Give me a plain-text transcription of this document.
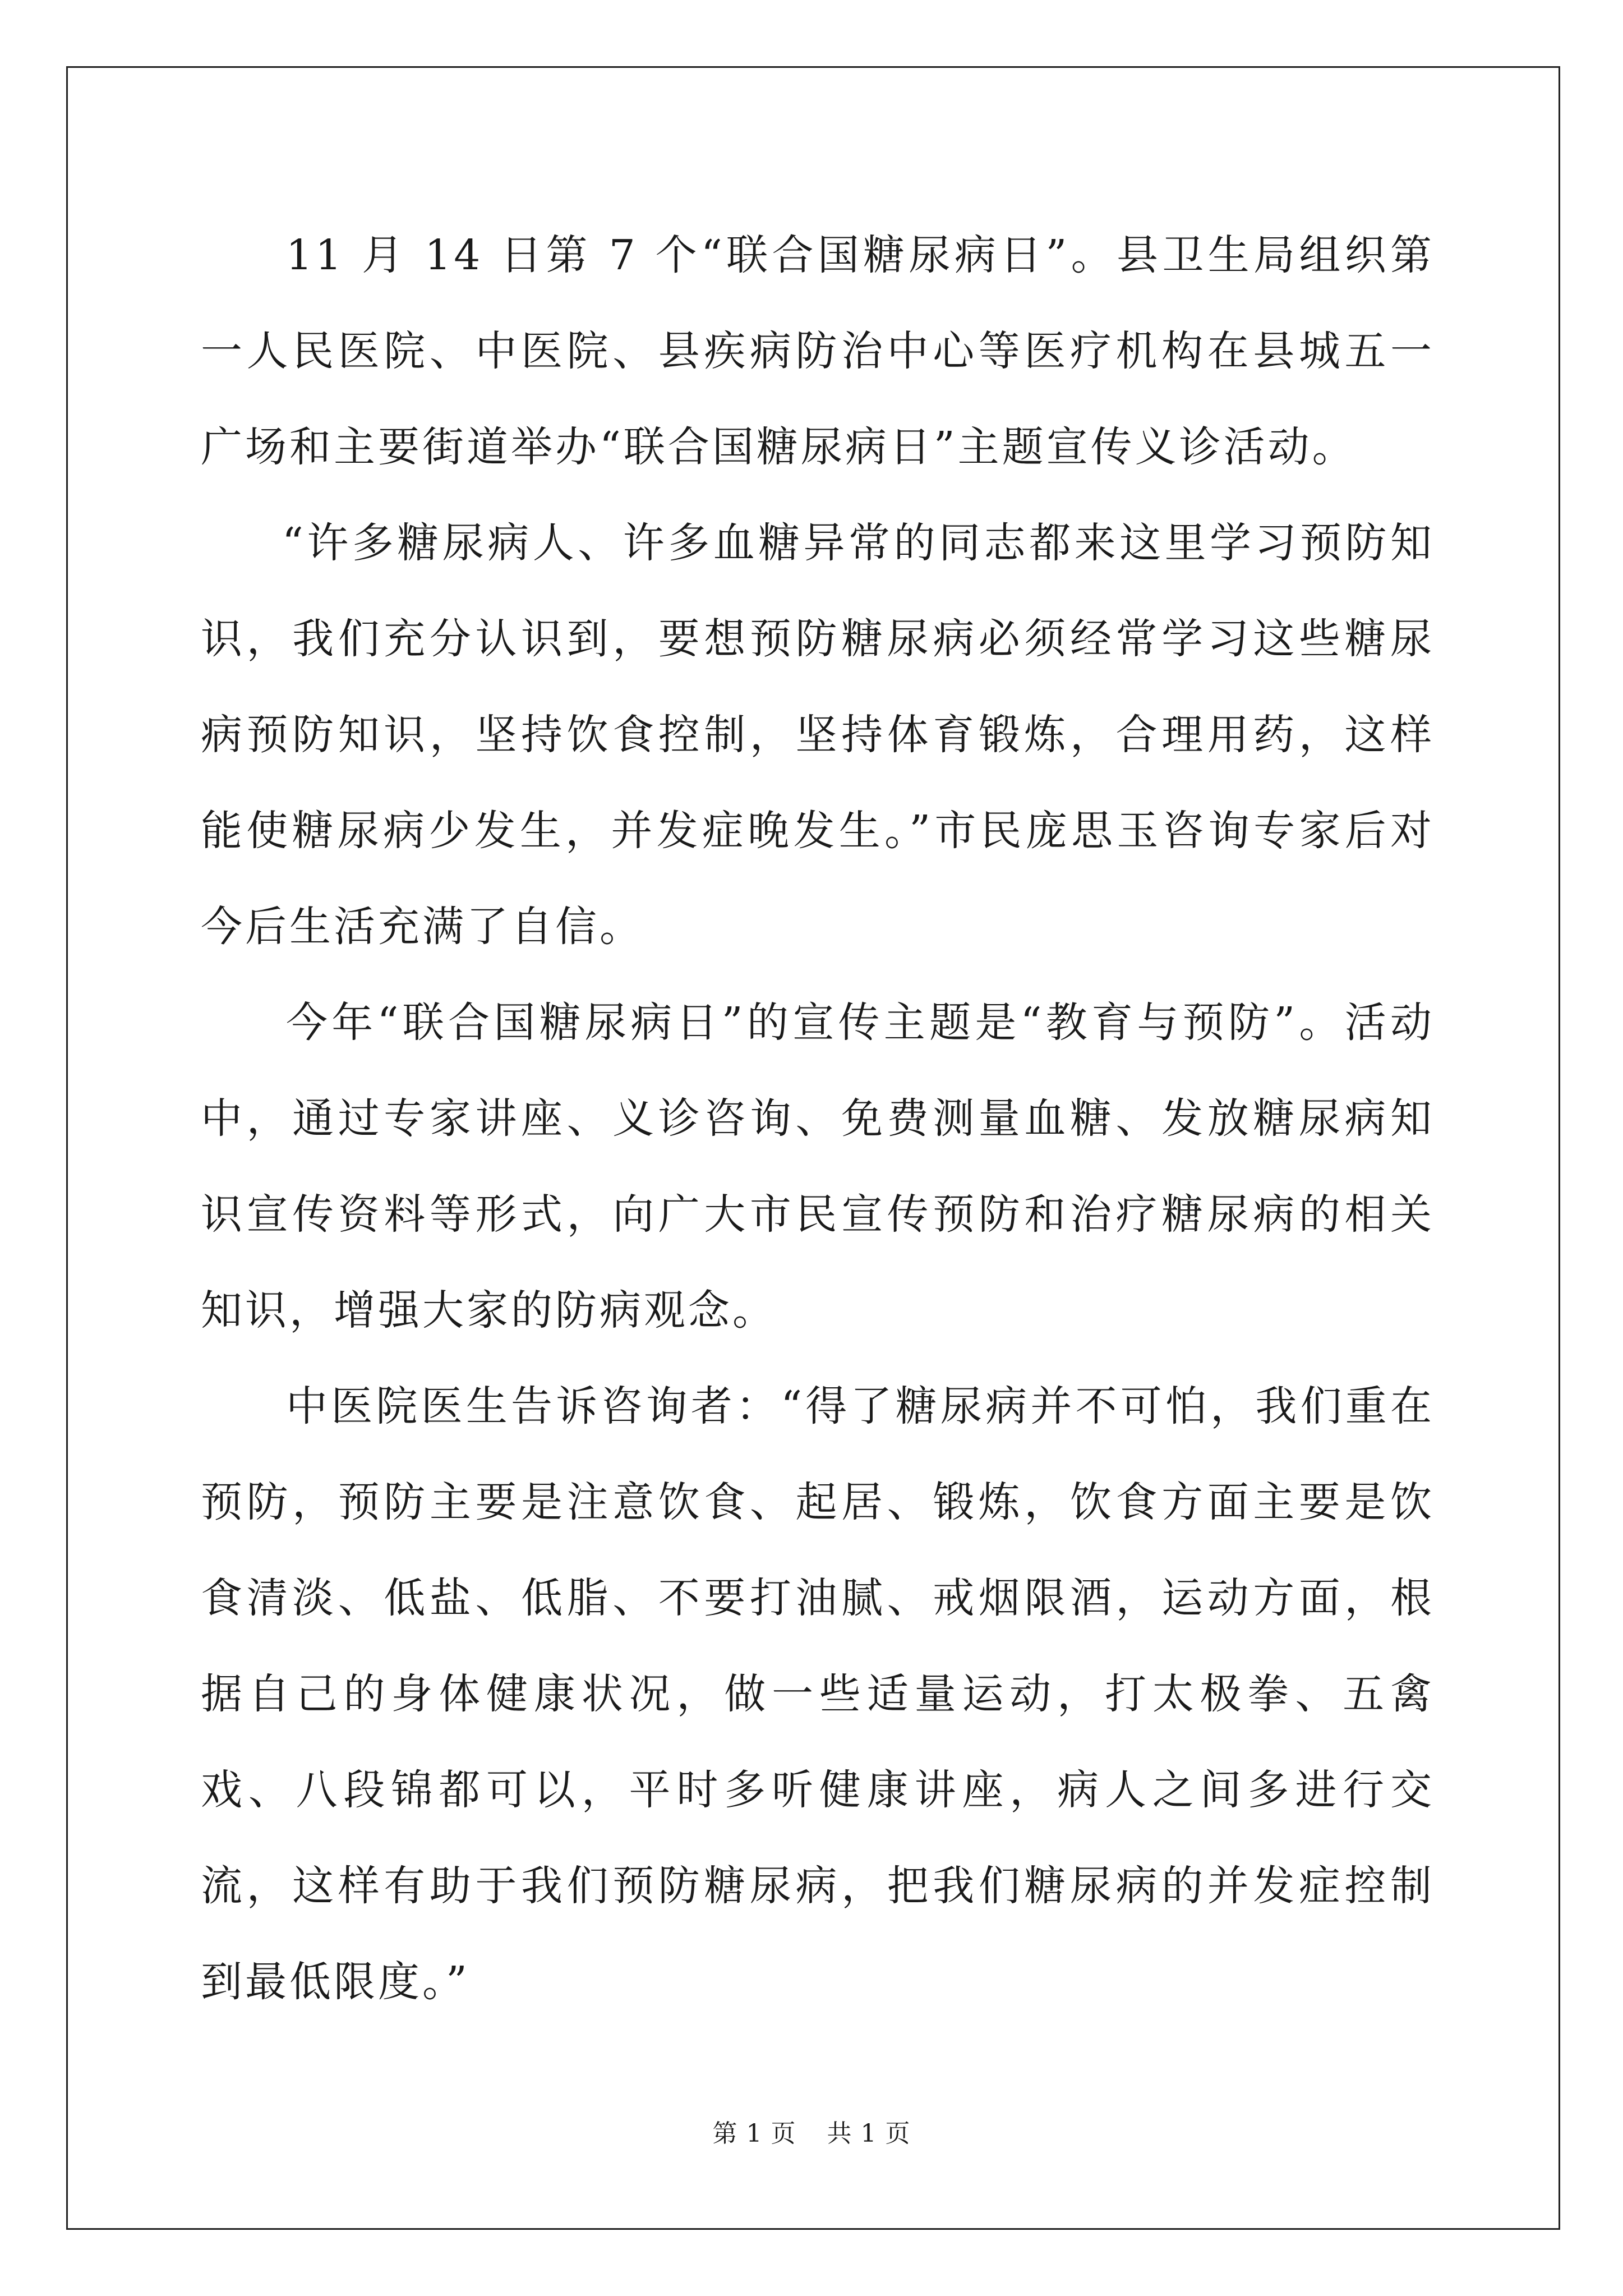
11 月 14 日第 7 个“联合国糖尿病日”。县卫生局组织第一人民医院、中医院、县疾病防治中心等医疗机构在县城五一广场和主要街道举办“联合国糖尿病日”主题宣传义诊活动。

“许多糖尿病人、许多血糖异常的同志都来这里学习预防知识，我们充分认识到，要想预防糖尿病必须经常学习这些糖尿病预防知识，坚持饮食控制，坚持体育锻炼，合理用药，这样能使糖尿病少发生，并发症晚发生。”市民庞思玉咨询专家后对今后生活充满了自信。

今年“联合国糖尿病日”的宣传主题是“教育与预防”。活动中，通过专家讲座、义诊咨询、免费测量血糖、发放糖尿病知识宣传资料等形式，向广大市民宣传预防和治疗糖尿病的相关知识，增强大家的防病观念。

中医院医生告诉咨询者：“得了糖尿病并不可怕，我们重在预防，预防主要是注意饮食、起居、锻炼，饮食方面主要是饮食清淡、低盐、低脂、不要打油腻、戒烟限酒，运动方面，根据自己的身体健康状况，做一些适量运动，打太极拳、五禽戏、八段锦都可以，平时多听健康讲座，病人之间多进行交流，这样有助于我们预防糖尿病，把我们糖尿病的并发症控制到最低限度。”

第 1 页 共 1 页
